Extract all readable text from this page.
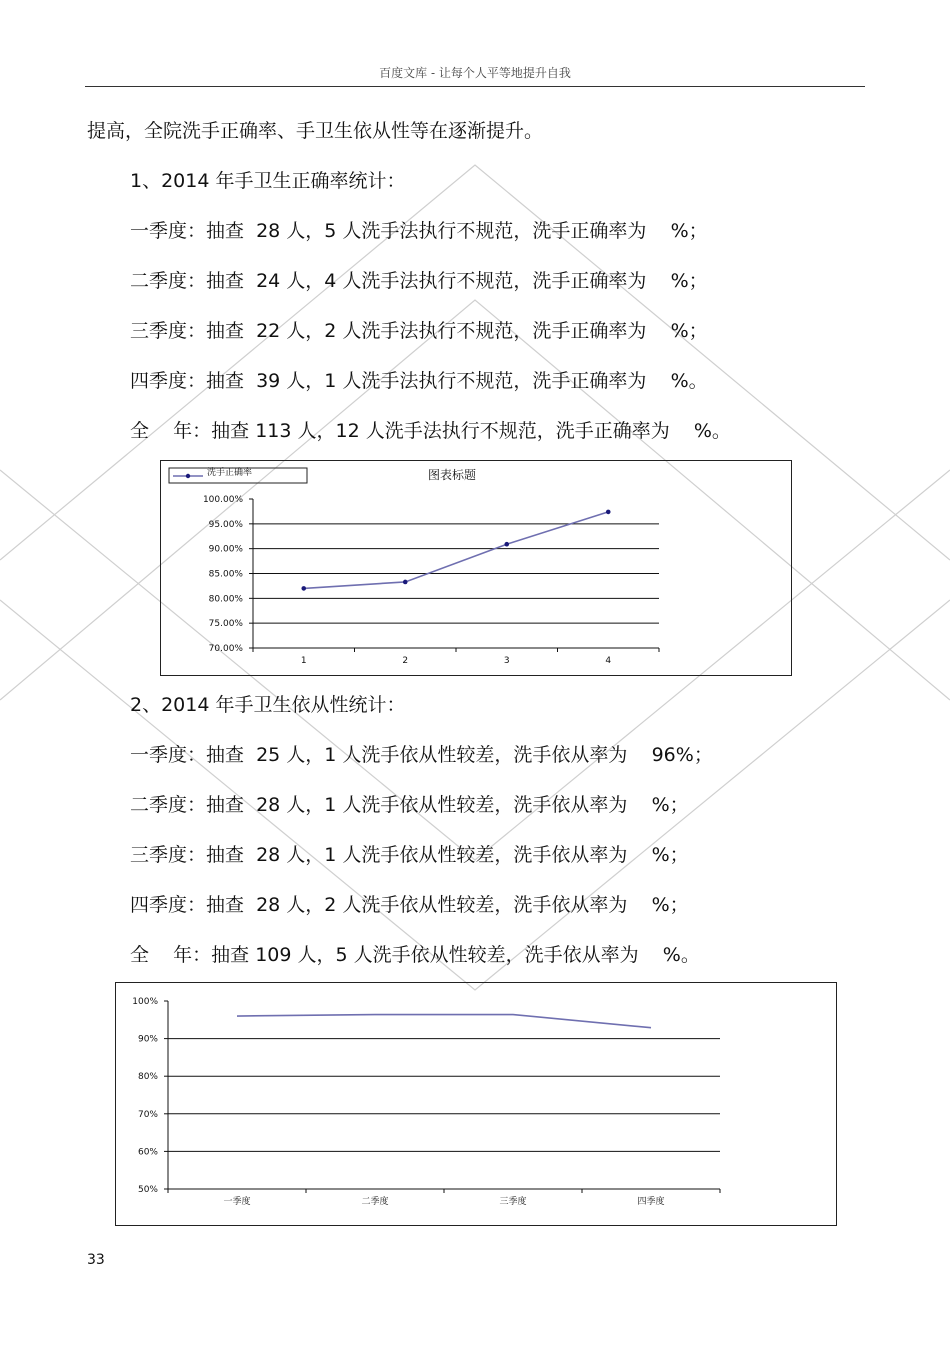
百度文库 - 让每个人平等地提升自我
提高，全院洗手正确率、手卫生依从性等在逐渐提升。
1、2014 年手卫生正确率统计：
一季度：抽查  28 人，5 人洗手法执行不规范，洗手正确率为    %；
二季度：抽查  24 人，4 人洗手法执行不规范，洗手正确率为    %；
三季度：抽查  22 人，2 人洗手法执行不规范，洗手正确率为    %；
四季度：抽查  39 人，1 人洗手法执行不规范，洗手正确率为    %。
全    年：抽查 113 人，12 人洗手法执行不规范，洗手正确率为    %。
70.00%
75.00%
80.00%
85.00%
90.00%
95.00%
100.00%
1	2	3	4
图表标题
洗手正确率
2、2014 年手卫生依从性统计：
一季度：抽查  25 人，1 人洗手依从性较差，洗手依从率为    96%；
二季度：抽查  28 人，1 人洗手依从性较差，洗手依从率为    %；
三季度：抽查  28 人，1 人洗手依从性较差，洗手依从率为    %；
四季度：抽查  28 人，2 人洗手依从性较差，洗手依从率为    %；
全    年：抽查 109 人，5 人洗手依从性较差，洗手依从率为    %。
50%
60%
70%
80%
90%
100%
一季度	二季度	三季度	四季度
33
